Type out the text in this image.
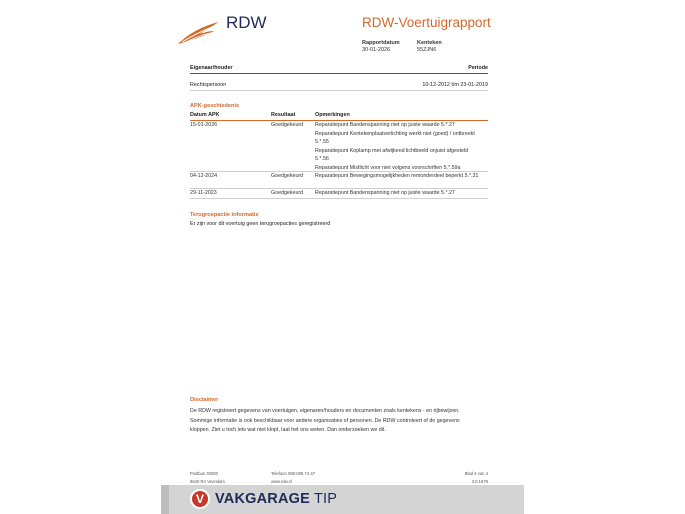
RDW	RDW-Voertuigrapport
Rapportdatum
30-01-2026
Kenteken
55ZJN6
Eigenaar/houder	Periode
Rechtspersoon	10-12-2012 t/m 23-01-2019
APK-geschiedenis
Datum APK	Resultaat	Opmerkingen
15-01-2026	Goedgekeurd Reparatiepunt Bandenspanning niet op juiste waarde 5.*.27
Reparatiepunt Kentekenplaatverlichting werkt niet (goed) / ontbreekt 5.*.55
Reparatiepunt Koplamp met afwijkend lichtbeeld onjuist afgesteld 5.*.56
Reparatiepunt Mistlicht voor niet volgens voorschriften 5.*.59a
04-12-2024	Goedgekeurd Reparatiepunt Bewegingsmogelijkheden remonderdeel beperkt 5.*.31
29-11-2023	Goedgekeurd Reparatiepunt Bandenspanning niet op juiste waarde 5.*.27
Terugroepactie informatie
Er zijn voor dit voertuig geen terugroepacties geregistreerd
Disclaimer
De RDW registreert gegevens van voertuigen, eigenaren/houders en documenten zoals kentekens - en rijbewijzen.
Sommige informatie is ook beschikbaar voor andere organisaties of personen. De RDW controleert of de gegevens
kloppen. Ziet u toch iets wat niet klopt, laat het ons weten. Dan onderzoeken we dit.
Postbus 30000
9640 RA Veendam
Telefoon 088-008 74 47
www.rdw.nl
Blad 4 van 4
3.0.1679
V VAKGARAGE TIP
